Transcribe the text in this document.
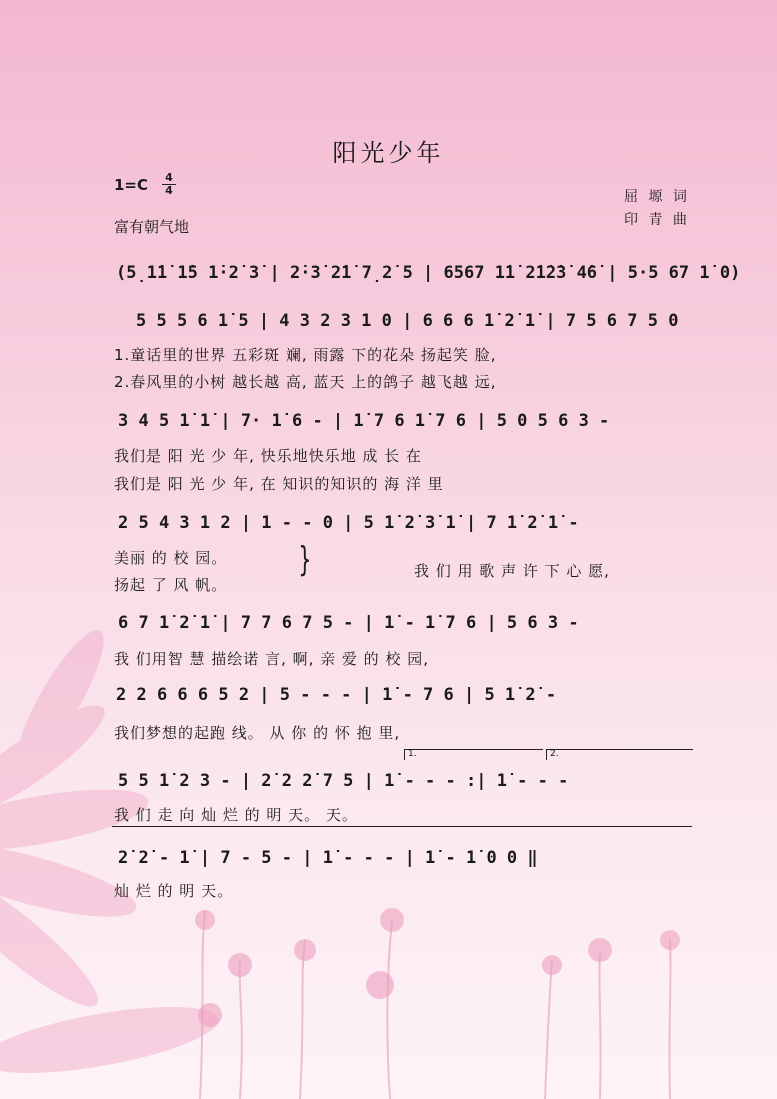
阳光少年
1=C 4
4
富有朝气地
屈 塬 词
印 青 曲
(5̣1̇1̇ 1̇5 1̇·2̇ 3̇ | 2̇·3̇ 2̇1̇ 7̣2̇ 5 | 6567 1̇1̇ 2̇1̇2̇3̇ 4̇6̇ | 5·5 67 1̇ 0)
5 5 5 6 1̇ 5 | 4 3 2 3 1 0 | 6 6 6 1̇ 2̇ 1̇ | 7 5 6 7 5 0
1.童话里的世界 五彩斑 斓, 雨露 下的花朵 扬起笑 脸,
2.春风里的小树 越长越 高, 蓝天 上的鸽子 越飞越 远,
3 4 5 1̇ 1̇ | 7· 1̇ 6 - | 1̇ 7 6 1̇ 7 6 | 5 0 5 6 3 -
我们是 阳 光 少 年, 快乐地快乐地 成 长 在
我们是 阳 光 少 年, 在 知识的知识的 海 洋 里
2 5 4 3 1 2 | 1 - - 0 | 5 1̇ 2̇ 3̇ 1̇ | 7 1̇ 2̇ 1̇ -
美丽 的 校 园。
扬起 了 风 帆。
}	我 们 用 歌 声 许 下 心 愿,
6 7 1̇ 2̇ 1̇ | 7 7 6 7 5 - | 1̇ - 1̇ 7 6 | 5 6 3 -
我 们用智 慧 描绘诺 言, 啊, 亲 爱 的 校 园,
2 2 6 6 6 5 2 | 5 - - - | 1̇ - 7 6 | 5 1̇ 2̇ -
我们梦想的起跑 线。 从 你 的 怀 抱 里,
1.	2.
5 5 1̇ 2 3 - | 2̇ 2 2̇ 7 5 | 1̇ - - - :| 1̇ - - -
我 们 走 向 灿 烂 的 明 天。 天。
2̇ 2̇ - 1̇ | 7 - 5 - | 1̇ - - - | 1̇ - 1̇ 0 0 ‖
灿 烂 的 明 天。
